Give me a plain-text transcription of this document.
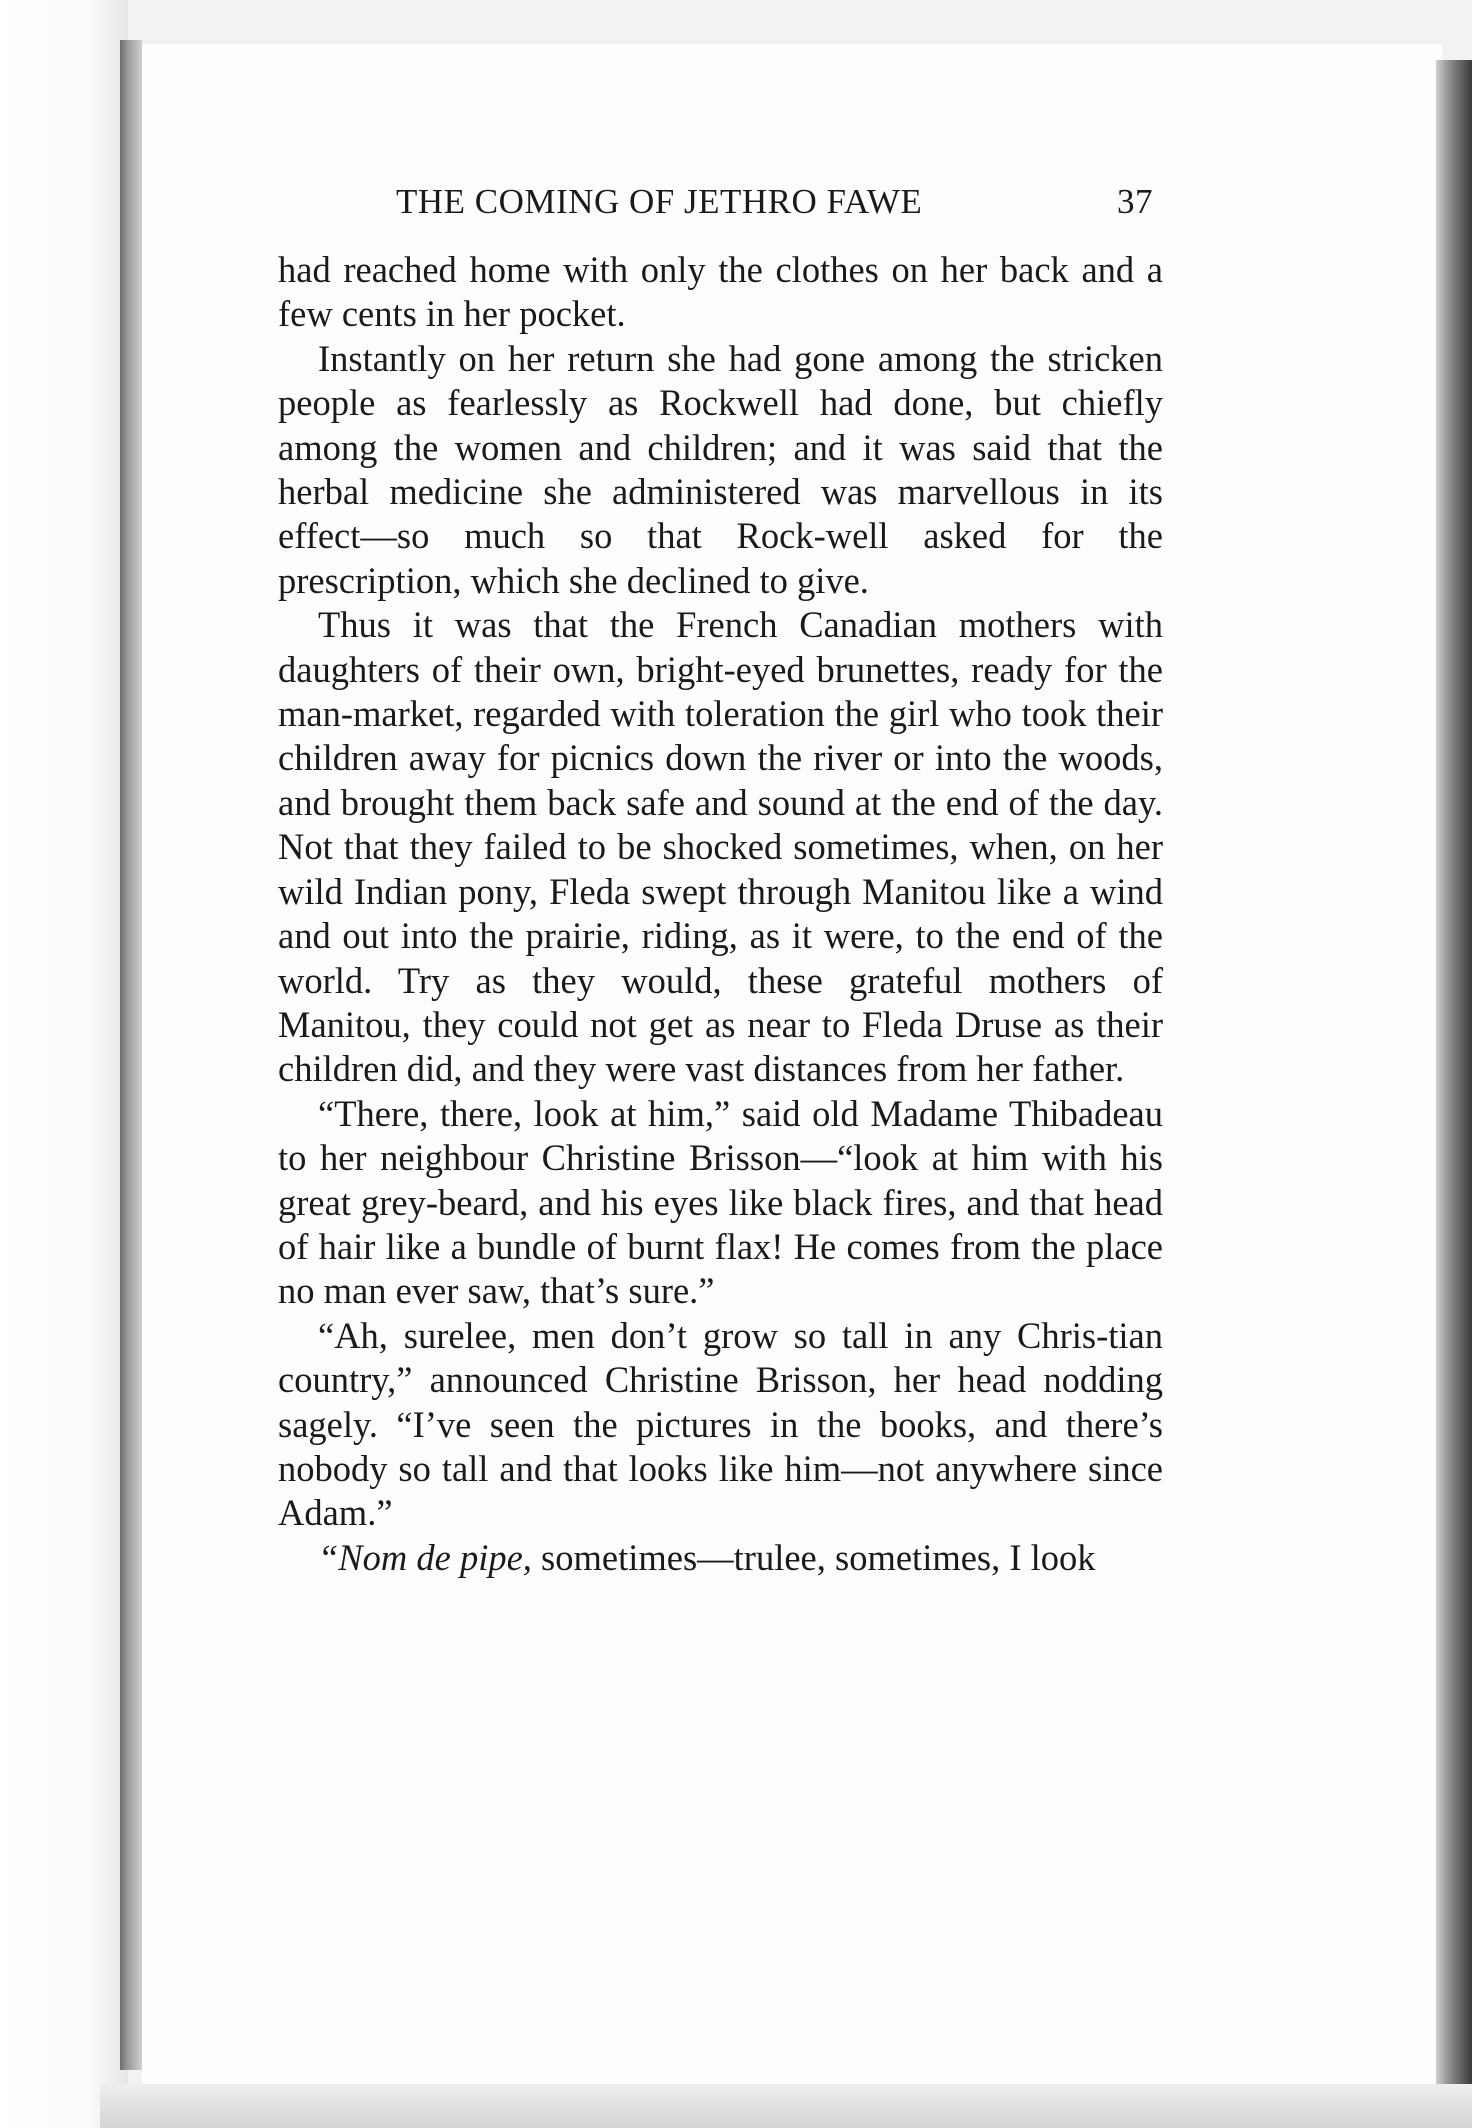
THE COMING OF JETHRO FAWE	37

had reached home with only the clothes on her back and a few cents in her pocket.

Instantly on her return she had gone among the stricken people as fearlessly as Rockwell had done, but chiefly among the women and children; and it was said that the herbal medicine she administered was marvellous in its effect—so much so that Rock-well asked for the prescription, which she declined to give.

Thus it was that the French Canadian mothers with daughters of their own, bright-eyed brunettes, ready for the man-market, regarded with toleration the girl who took their children away for picnics down the river or into the woods, and brought them back safe and sound at the end of the day. Not that they failed to be shocked sometimes, when, on her wild Indian pony, Fleda swept through Manitou like a wind and out into the prairie, riding, as it were, to the end of the world. Try as they would, these grateful mothers of Manitou, they could not get as near to Fleda Druse as their children did, and they were vast distances from her father.

“There, there, look at him,” said old Madame Thibadeau to her neighbour Christine Brisson—“look at him with his great grey-beard, and his eyes like black fires, and that head of hair like a bundle of burnt flax! He comes from the place no man ever saw, that’s sure.”

“Ah, surelee, men don’t grow so tall in any Chris-tian country,” announced Christine Brisson, her head nodding sagely. “I’ve seen the pictures in the books, and there’s nobody so tall and that looks like him—not anywhere since Adam.”

“Nom de pipe, sometimes—trulee, sometimes, I look
